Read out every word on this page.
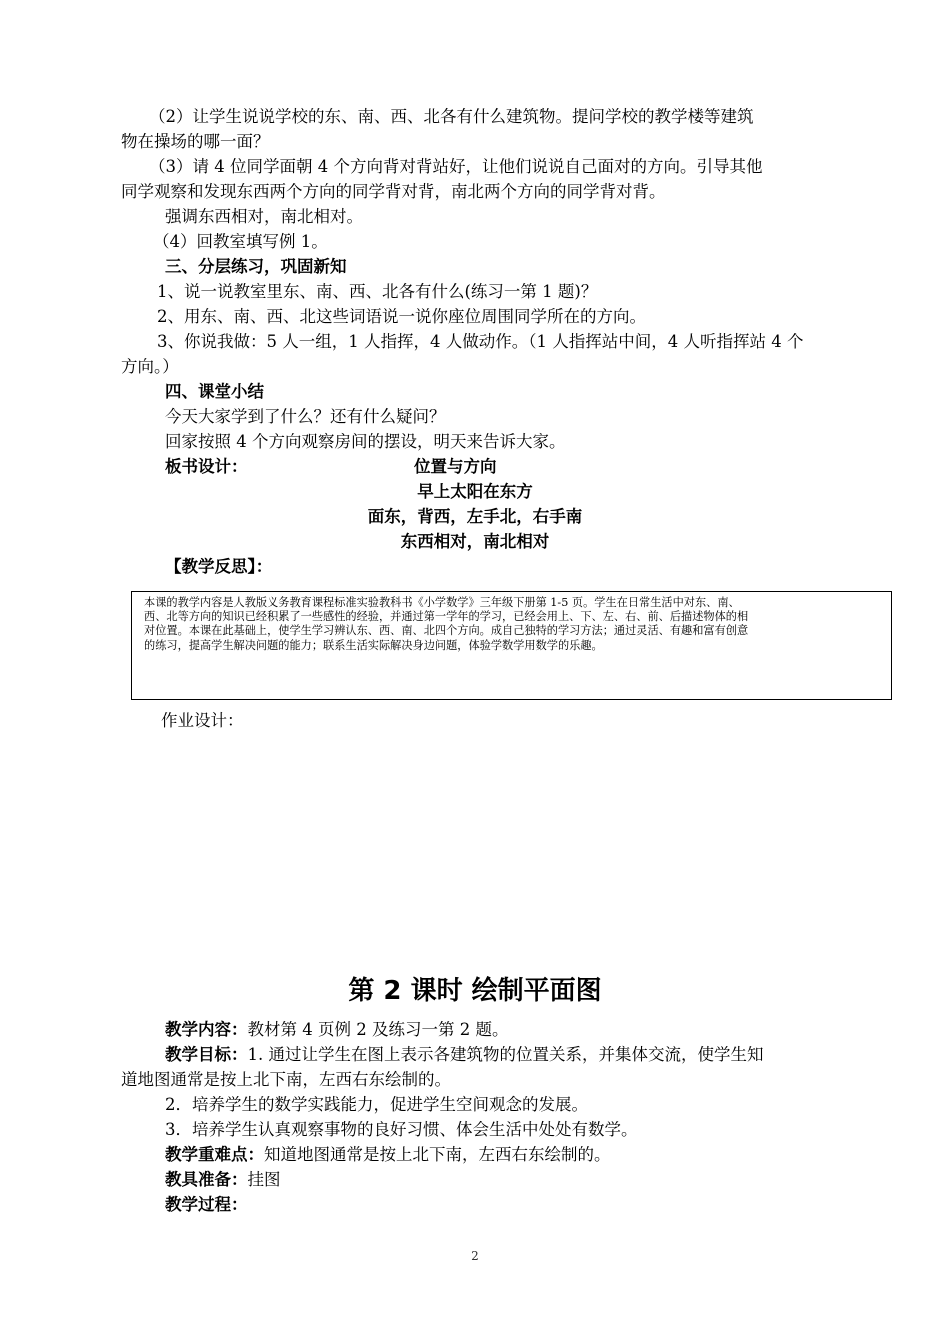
（2）让学生说说学校的东、南、西、北各有什么建筑物。提问学校的教学楼等建筑
物在操场的哪一面？
（3）请 4 位同学面朝 4 个方向背对背站好，让他们说说自己面对的方向。引导其他
同学观察和发现东西两个方向的同学背对背，南北两个方向的同学背对背。
强调东西相对，南北相对。
（4）回教室填写例 1。
三、分层练习，巩固新知
1、说一说教室里东、南、西、北各有什么(练习一第 1 题)？
2、用东、南、西、北这些词语说一说你座位周围同学所在的方向。
3、你说我做：5 人一组，1 人指挥，4 人做动作。（1 人指挥站中间，4 人听指挥站 4 个
方向。）
四、课堂小结
今天大家学到了什么？还有什么疑问？
回家按照 4 个方向观察房间的摆设，明天来告诉大家。
板书设计：	位置与方向
早上太阳在东方
面东，背西，左手北，右手南
东西相对，南北相对
【教学反思】：
本课的教学内容是人教版义务教育课程标准实验教科书《小学数学》三年级下册第 1-5 页。学生在日常生活中对东、南、
西、北等方向的知识已经积累了一些感性的经验，并通过第一学年的学习，已经会用上、下、左、右、前、后描述物体的相
对位置。本课在此基础上，使学生学习辨认东、西、南、北四个方向。成自己独特的学习方法；通过灵活、有趣和富有创意
的练习，提高学生解决问题的能力；联系生活实际解决身边问题，体验学数学用数学的乐趣。
作业设计：
第 2 课时 绘制平面图
教学内容：教材第 4 页例 2 及练习一第 2 题。
教学目标：1. 通过让学生在图上表示各建筑物的位置关系，并集体交流，使学生知
道地图通常是按上北下南，左西右东绘制的。
2．培养学生的数学实践能力，促进学生空间观念的发展。
3．培养学生认真观察事物的良好习惯、体会生活中处处有数学。
教学重难点：知道地图通常是按上北下南，左西右东绘制的。
教具准备：挂图
教学过程：
2
